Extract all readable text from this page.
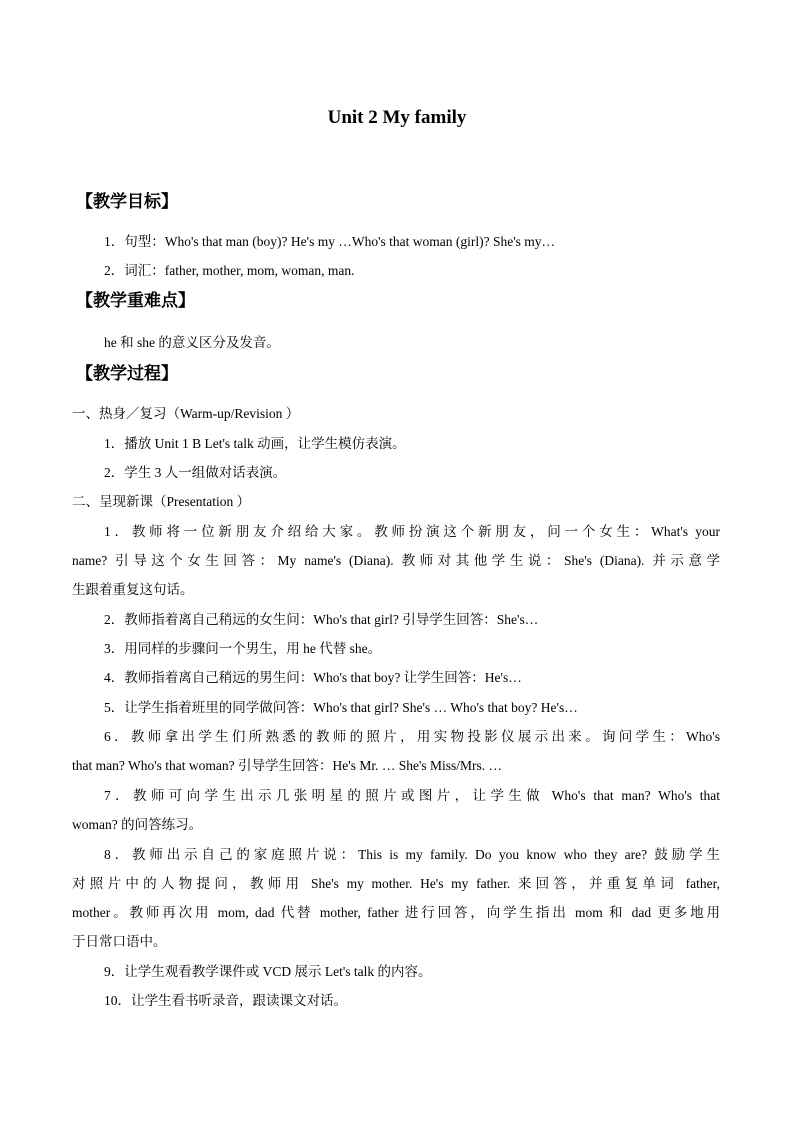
Unit 2 My family
【教学目标】
1．句型：Who's that man (boy)? He's my …Who's that woman (girl)? She's my…
2．词汇：father, mother, mom, woman, man.
【教学重难点】
he 和 she 的意义区分及发音。
【教学过程】
一、热身／复习（Warm-up/Revision ）
1．播放 Unit 1 B Let's talk 动画，让学生模仿表演。
2．学生 3 人一组做对话表演。
二、呈现新课（Presentation ）
1．教师将一位新朋友介绍给大家。教师扮演这个新朋友，问一个女生：What's your
name? 引导这个女生回答：My name's (Diana). 教师对其他学生说：She's (Diana). 并示意学
生跟着重复这句话。
2．教师指着离自己稍远的女生问：Who's that girl? 引导学生回答：She's…
3．用同样的步骤问一个男生，用 he 代替 she。
4．教师指着离自己稍远的男生问：Who's that boy? 让学生回答：He's…
5．让学生指着班里的同学做问答：Who's that girl? She's … Who's that boy? He's…
6．教师拿出学生们所熟悉的教师的照片，用实物投影仪展示出来。询问学生：Who's
that man? Who's that woman? 引导学生回答：He's Mr. … She's Miss/Mrs. …
7．教师可向学生出示几张明星的照片或图片，让学生做 Who's that man? Who's that
woman? 的问答练习。
8．教师出示自己的家庭照片说：This is my family. Do you know who they are? 鼓励学生
对照片中的人物提问，教师用 She's my mother. He's my father. 来回答，并重复单词 father,
mother。教师再次用 mom, dad 代替 mother, father 进行回答，向学生指出 mom 和 dad 更多地用
于日常口语中。
9．让学生观看教学课件或 VCD 展示 Let's talk 的内容。
10．让学生看书听录音，跟读课文对话。
